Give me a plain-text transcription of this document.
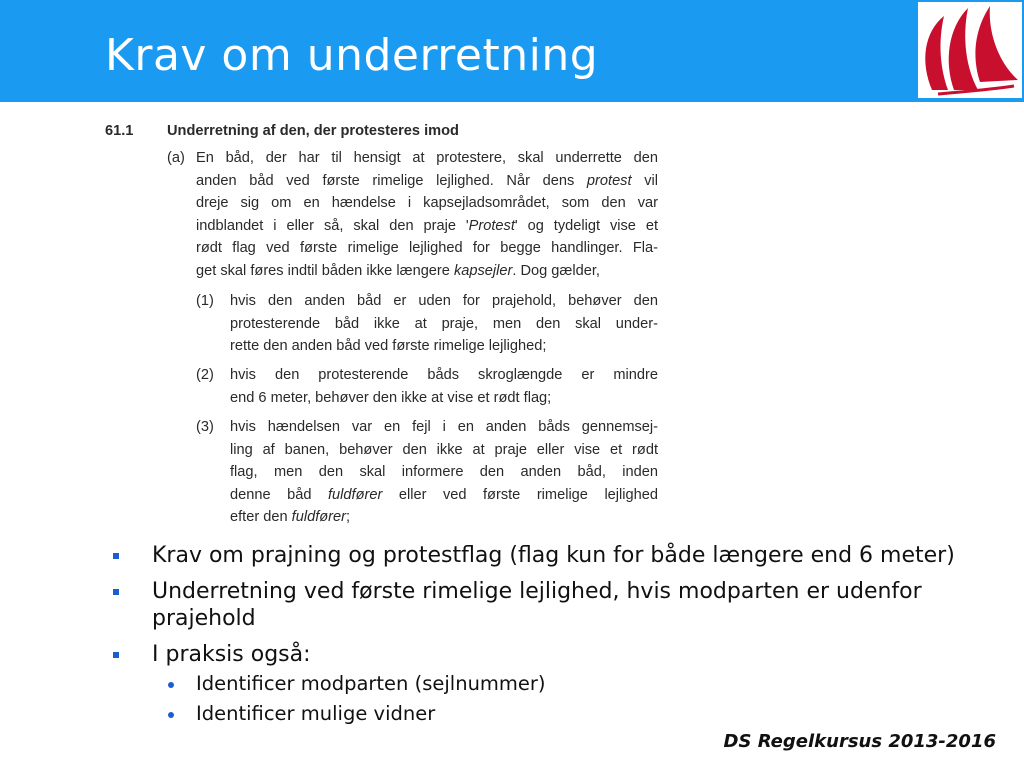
Krav om underretning
61.1 Underretning af den, der protesteres imod
(a) En båd, der har til hensigt at protestere, skal underrette den
anden båd ved første rimelige lejlighed. Når dens protest vil
dreje sig om en hændelse i kapsejladsområdet, som den var
indblandet i eller så, skal den praje 'Protest' og tydeligt vise et
rødt flag ved første rimelige lejlighed for begge handlinger. Fla-
get skal føres indtil båden ikke længere kapsejler. Dog gælder,
(1) hvis den anden båd er uden for prajehold, behøver den
protesterende båd ikke at praje, men den skal under-
rette den anden båd ved første rimelige lejlighed;
(2) hvis den protesterende båds skroglængde er mindre
end 6 meter, behøver den ikke at vise et rødt flag;
(3) hvis hændelsen var en fejl i en anden båds gennemsej-
ling af banen, behøver den ikke at praje eller vise et rødt
flag, men den skal informere den anden båd, inden
denne båd fuldfører eller ved første rimelige lejlighed
efter den fuldfører;
Krav om prajning og protestflag (flag kun for både længere end 6 meter)
Underretning ved første rimelige lejlighed, hvis modparten er udenfor prajehold
I praksis også:
Identificer modparten (sejlnummer)
Identificer mulige vidner
DS Regelkursus 2013-2016
